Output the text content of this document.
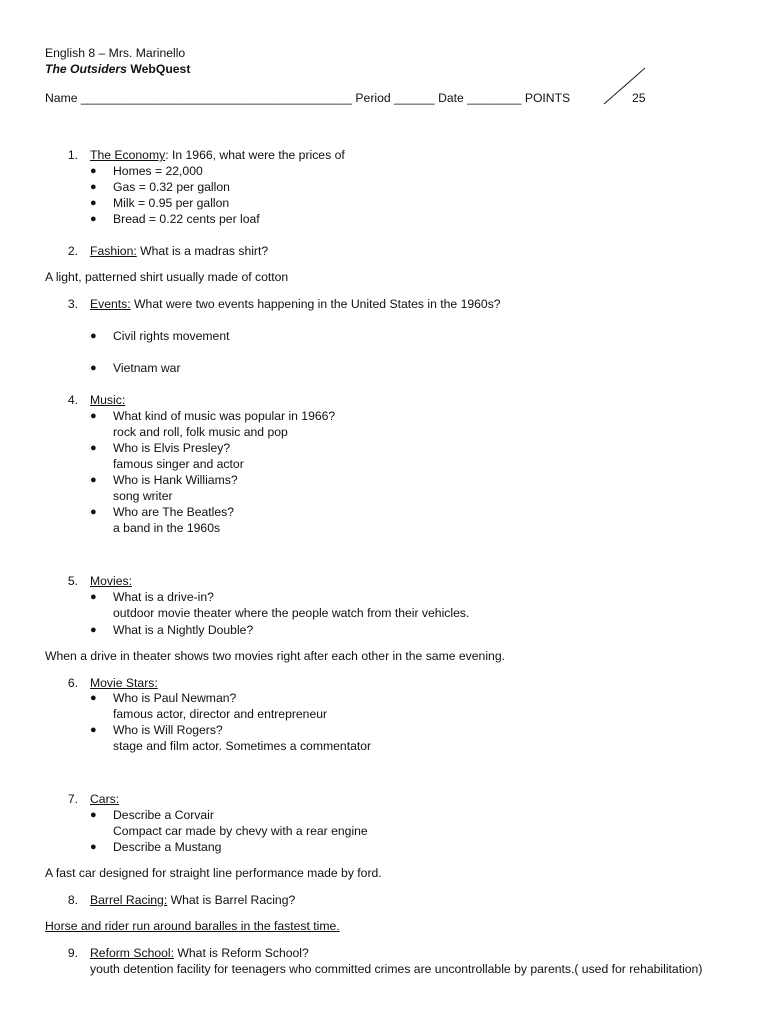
English 8 – Mrs. Marinello
The Outsiders WebQuest
Name ________________________________________ Period ______ Date ________ POINTS	25
1. The Economy: In 1966, what were the prices of
● Homes = 22,000
● Gas = 0.32 per gallon
● Milk = 0.95 per gallon
● Bread = 0.22 cents per loaf
2. Fashion: What is a madras shirt?
A light, patterned shirt usually made of cotton
3. Events: What were two events happening in the United States in the 1960s?
● Civil rights movement
● Vietnam war
4. Music:
● What kind of music was popular in 1966?
rock and roll, folk music and pop
● Who is Elvis Presley?
famous singer and actor
● Who is Hank Williams?
song writer
● Who are The Beatles?
a band in the 1960s
5. Movies:
● What is a drive-in?
outdoor movie theater where the people watch from their vehicles.
● What is a Nightly Double?
When a drive in theater shows two movies right after each other in the same evening.
6. Movie Stars:
● Who is Paul Newman?
famous actor, director and entrepreneur
● Who is Will Rogers?
stage and film actor. Sometimes a commentator
7. Cars:
● Describe a Corvair
Compact car made by chevy with a rear engine
● Describe a Mustang
A fast car designed for straight line performance made by ford.
8. Barrel Racing: What is Barrel Racing?
Horse and rider run around baralles in the fastest time.
9. Reform School: What is Reform School?
youth detention facility for teenagers who committed crimes are uncontrollable by parents.( used for rehabilitation)
